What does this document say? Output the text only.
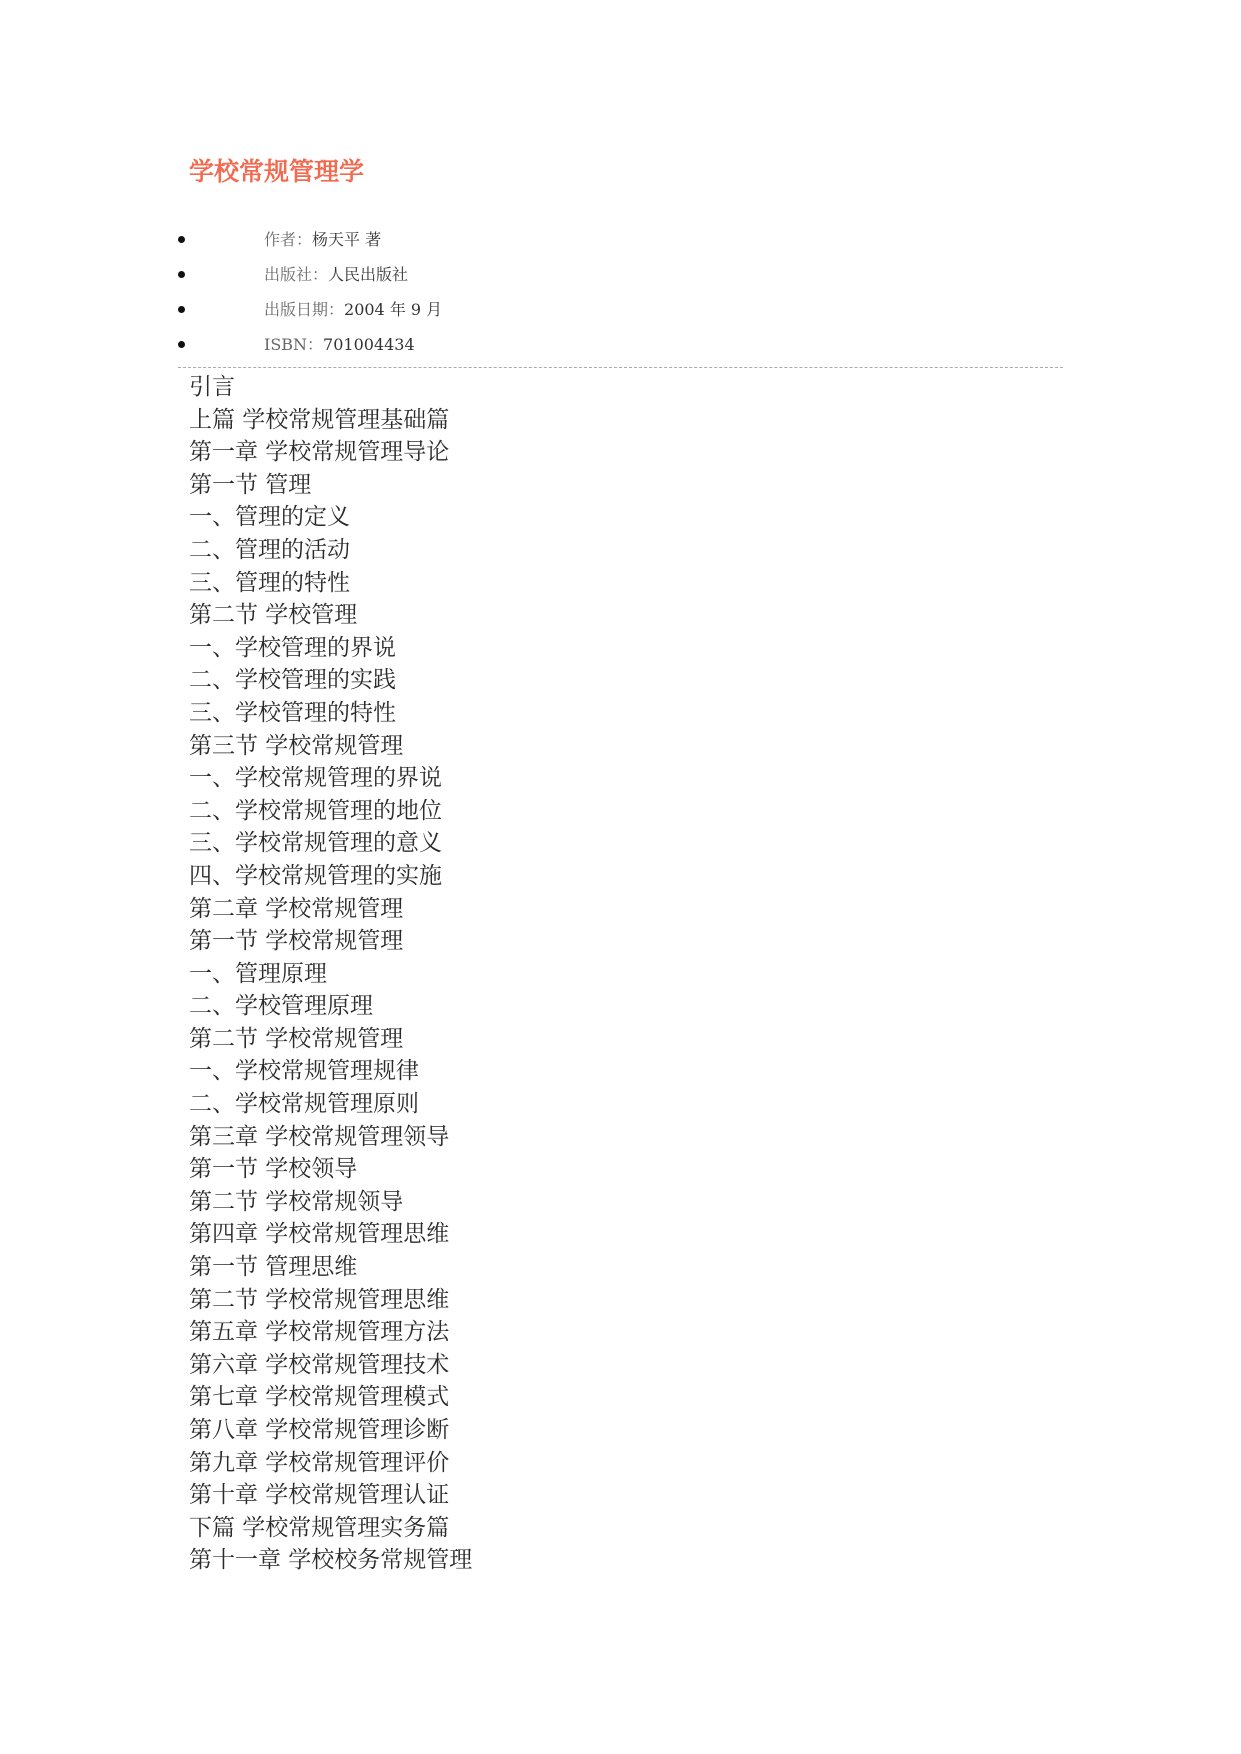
学校常规管理学
作者：杨天平 著
出版社：人民出版社
出版日期：2004 年 9 月
ISBN：701004434
引言
上篇 学校常规管理基础篇
第一章 学校常规管理导论
第一节 管理
一、管理的定义
二、管理的活动
三、管理的特性
第二节 学校管理
一、学校管理的界说
二、学校管理的实践
三、学校管理的特性
第三节 学校常规管理
一、学校常规管理的界说
二、学校常规管理的地位
三、学校常规管理的意义
四、学校常规管理的实施
第二章 学校常规管理
第一节 学校常规管理
一、管理原理
二、学校管理原理
第二节 学校常规管理
一、学校常规管理规律
二、学校常规管理原则
第三章 学校常规管理领导
第一节 学校领导
第二节 学校常规领导
第四章 学校常规管理思维
第一节 管理思维
第二节 学校常规管理思维
第五章 学校常规管理方法
第六章 学校常规管理技术
第七章 学校常规管理模式
第八章 学校常规管理诊断
第九章 学校常规管理评价
第十章 学校常规管理认证
下篇 学校常规管理实务篇
第十一章 学校校务常规管理
